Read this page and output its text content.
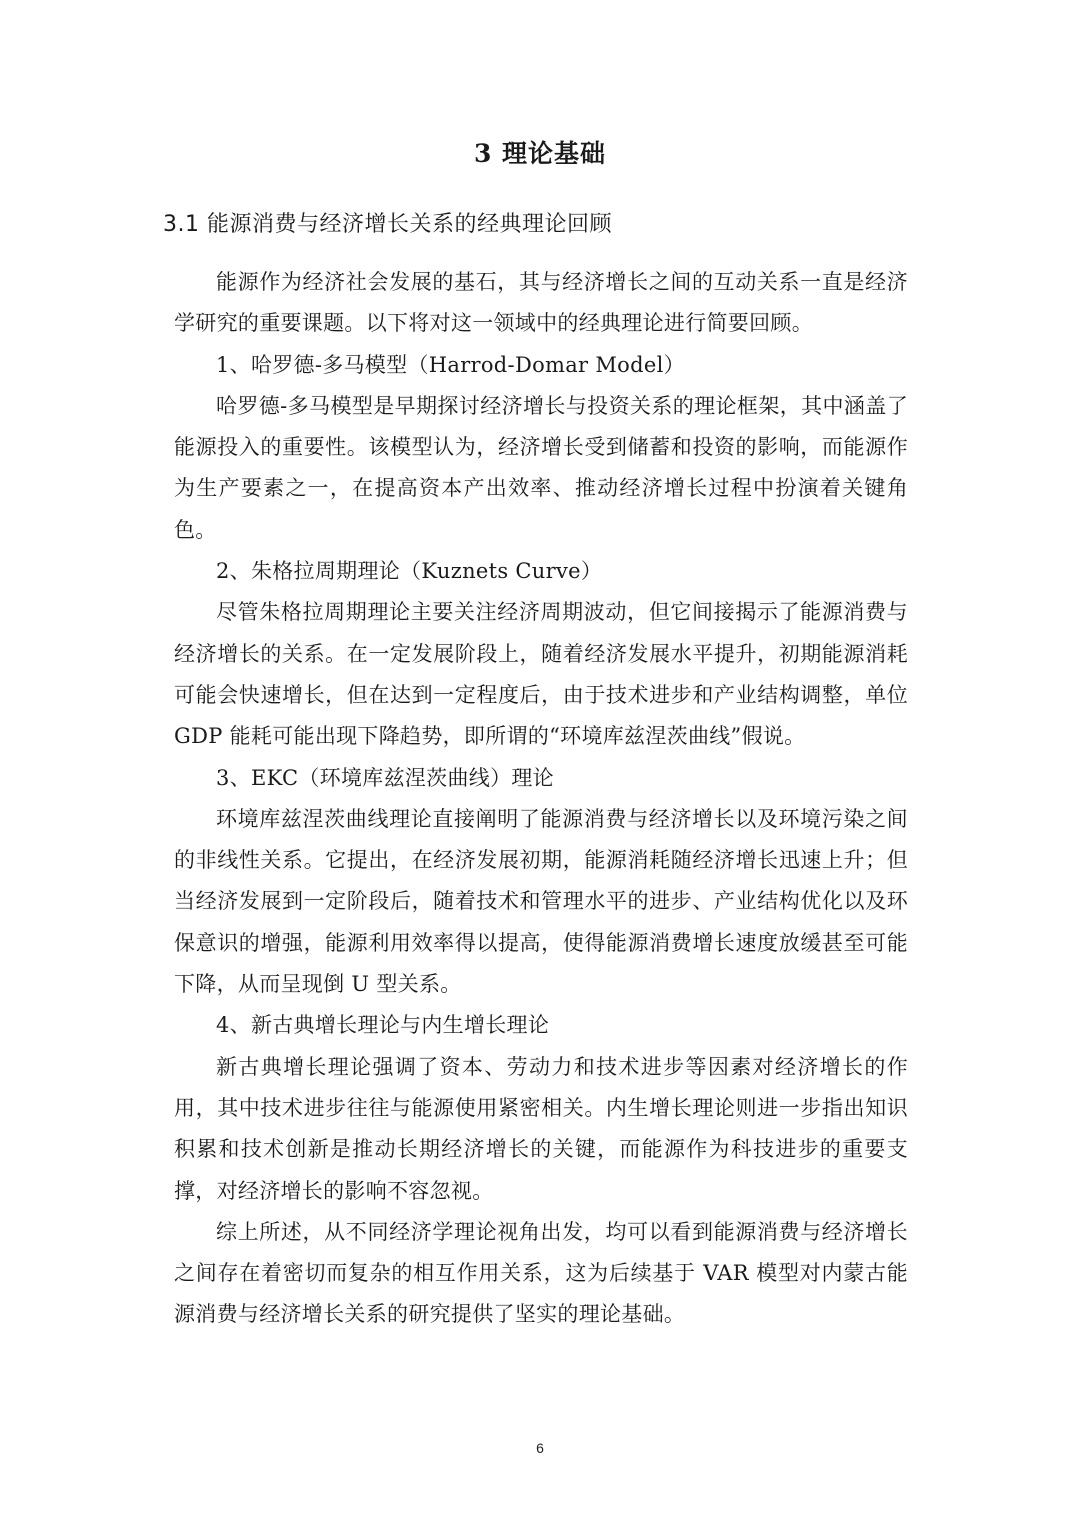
3 理论基础
3.1 能源消费与经济增长关系的经典理论回顾

能源作为经济社会发展的基石，其与经济增长之间的互动关系一直是经济学研究的重要课题。以下将对这一领域中的经典理论进行简要回顾。

1、哈罗德-多马模型（Harrod-Domar Model）

哈罗德-多马模型是早期探讨经济增长与投资关系的理论框架，其中涵盖了能源投入的重要性。该模型认为，经济增长受到储蓄和投资的影响，而能源作为生产要素之一，在提高资本产出效率、推动经济增长过程中扮演着关键角色。

2、朱格拉周期理论（Kuznets Curve）

尽管朱格拉周期理论主要关注经济周期波动，但它间接揭示了能源消费与经济增长的关系。在一定发展阶段上，随着经济发展水平提升，初期能源消耗可能会快速增长，但在达到一定程度后，由于技术进步和产业结构调整，单位GDP 能耗可能出现下降趋势，即所谓的“环境库兹涅茨曲线”假说。

3、EKC（环境库兹涅茨曲线）理论

环境库兹涅茨曲线理论直接阐明了能源消费与经济增长以及环境污染之间的非线性关系。它提出，在经济发展初期，能源消耗随经济增长迅速上升；但当经济发展到一定阶段后，随着技术和管理水平的进步、产业结构优化以及环保意识的增强，能源利用效率得以提高，使得能源消费增长速度放缓甚至可能下降，从而呈现倒 U 型关系。

4、新古典增长理论与内生增长理论

新古典增长理论强调了资本、劳动力和技术进步等因素对经济增长的作用，其中技术进步往往与能源使用紧密相关。内生增长理论则进一步指出知识积累和技术创新是推动长期经济增长的关键，而能源作为科技进步的重要支撑，对经济增长的影响不容忽视。

综上所述，从不同经济学理论视角出发，均可以看到能源消费与经济增长之间存在着密切而复杂的相互作用关系，这为后续基于 VAR 模型对内蒙古能源消费与经济增长关系的研究提供了坚实的理论基础。

6
